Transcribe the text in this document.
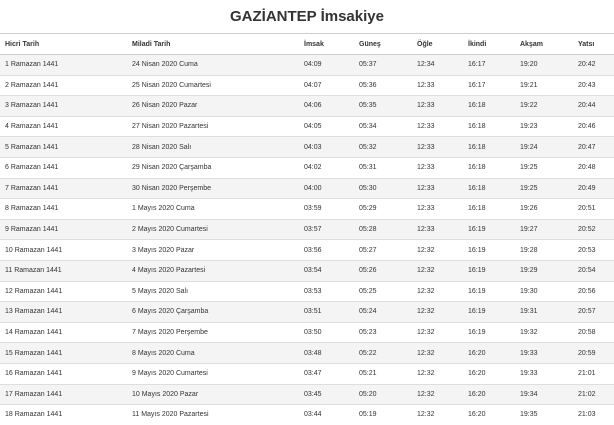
GAZİANTEP İmsakiye
Hicri Tarih	Miladi Tarih	İmsak	Güneş	Öğle	İkindi	Akşam	Yatsı
1 Ramazan 1441	24 Nisan 2020 Cuma	04:09	05:37	12:34	16:17	19:20	20:42
2 Ramazan 1441	25 Nisan 2020 Cumartesi	04:07	05:36	12:33	16:17	19:21	20:43
3 Ramazan 1441	26 Nisan 2020 Pazar	04:06	05:35	12:33	16:18	19:22	20:44
4 Ramazan 1441	27 Nisan 2020 Pazartesi	04:05	05:34	12:33	16:18	19:23	20:46
5 Ramazan 1441	28 Nisan 2020 Salı	04:03	05:32	12:33	16:18	19:24	20:47
6 Ramazan 1441	29 Nisan 2020 Çarşamba	04:02	05:31	12:33	16:18	19:25	20:48
7 Ramazan 1441	30 Nisan 2020 Perşembe	04:00	05:30	12:33	16:18	19:25	20:49
8 Ramazan 1441	1 Mayıs 2020 Cuma	03:59	05:29	12:33	16:18	19:26	20:51
9 Ramazan 1441	2 Mayıs 2020 Cumartesi	03:57	05:28	12:33	16:19	19:27	20:52
10 Ramazan 1441	3 Mayıs 2020 Pazar	03:56	05:27	12:32	16:19	19:28	20:53
11 Ramazan 1441	4 Mayıs 2020 Pazartesi	03:54	05:26	12:32	16:19	19:29	20:54
12 Ramazan 1441	5 Mayıs 2020 Salı	03:53	05:25	12:32	16:19	19:30	20:56
13 Ramazan 1441	6 Mayıs 2020 Çarşamba	03:51	05:24	12:32	16:19	19:31	20:57
14 Ramazan 1441	7 Mayıs 2020 Perşembe	03:50	05:23	12:32	16:19	19:32	20:58
15 Ramazan 1441	8 Mayıs 2020 Cuma	03:48	05:22	12:32	16:20	19:33	20:59
16 Ramazan 1441	9 Mayıs 2020 Cumartesi	03:47	05:21	12:32	16:20	19:33	21:01
17 Ramazan 1441	10 Mayıs 2020 Pazar	03:45	05:20	12:32	16:20	19:34	21:02
18 Ramazan 1441	11 Mayıs 2020 Pazartesi	03:44	05:19	12:32	16:20	19:35	21:03
